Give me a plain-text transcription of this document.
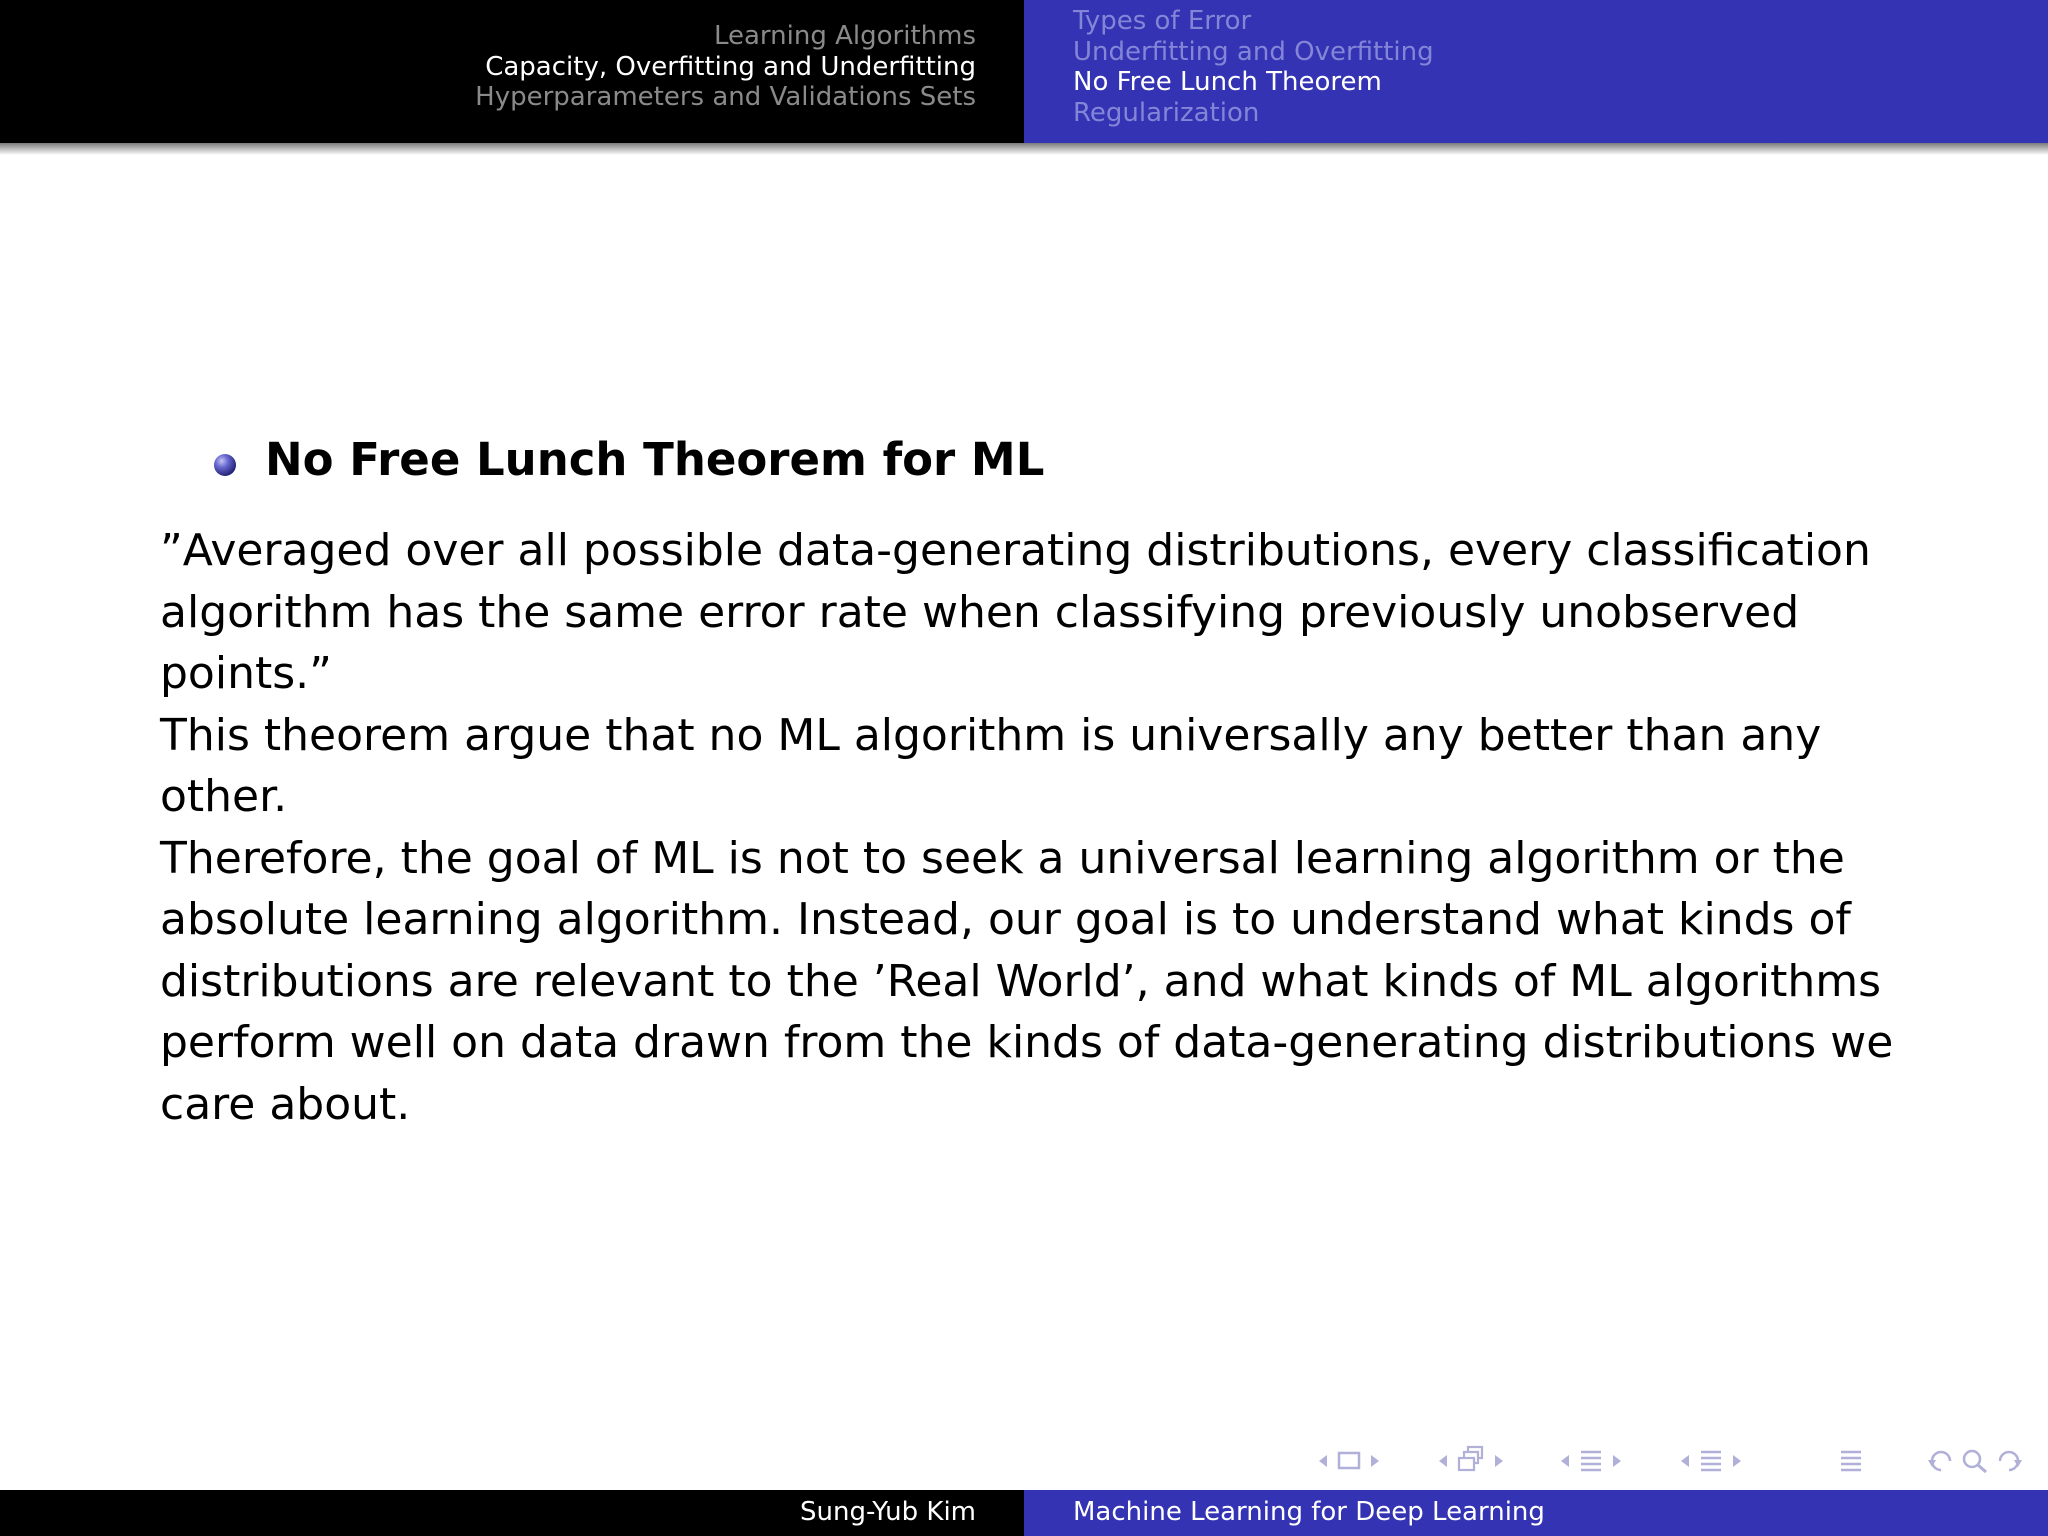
Learning Algorithms
Capacity, Overfitting and Underfitting
Hyperparameters and Validations Sets
Types of Error
Underfitting and Overfitting
No Free Lunch Theorem
Regularization
No Free Lunch Theorem for ML

”Averaged over all possible data-generating distributions, every classification algorithm has the same error rate when classifying previously unobserved points.”

This theorem argue that no ML algorithm is universally any better than any other.

Therefore, the goal of ML is not to seek a universal learning algorithm or the absolute learning algorithm. Instead, our goal is to understand what kinds of distributions are relevant to the ’Real World’, and what kinds of ML algorithms perform well on data drawn from the kinds of data-generating distributions we care about.

Sung-Yub Kim	Machine Learning for Deep Learning
